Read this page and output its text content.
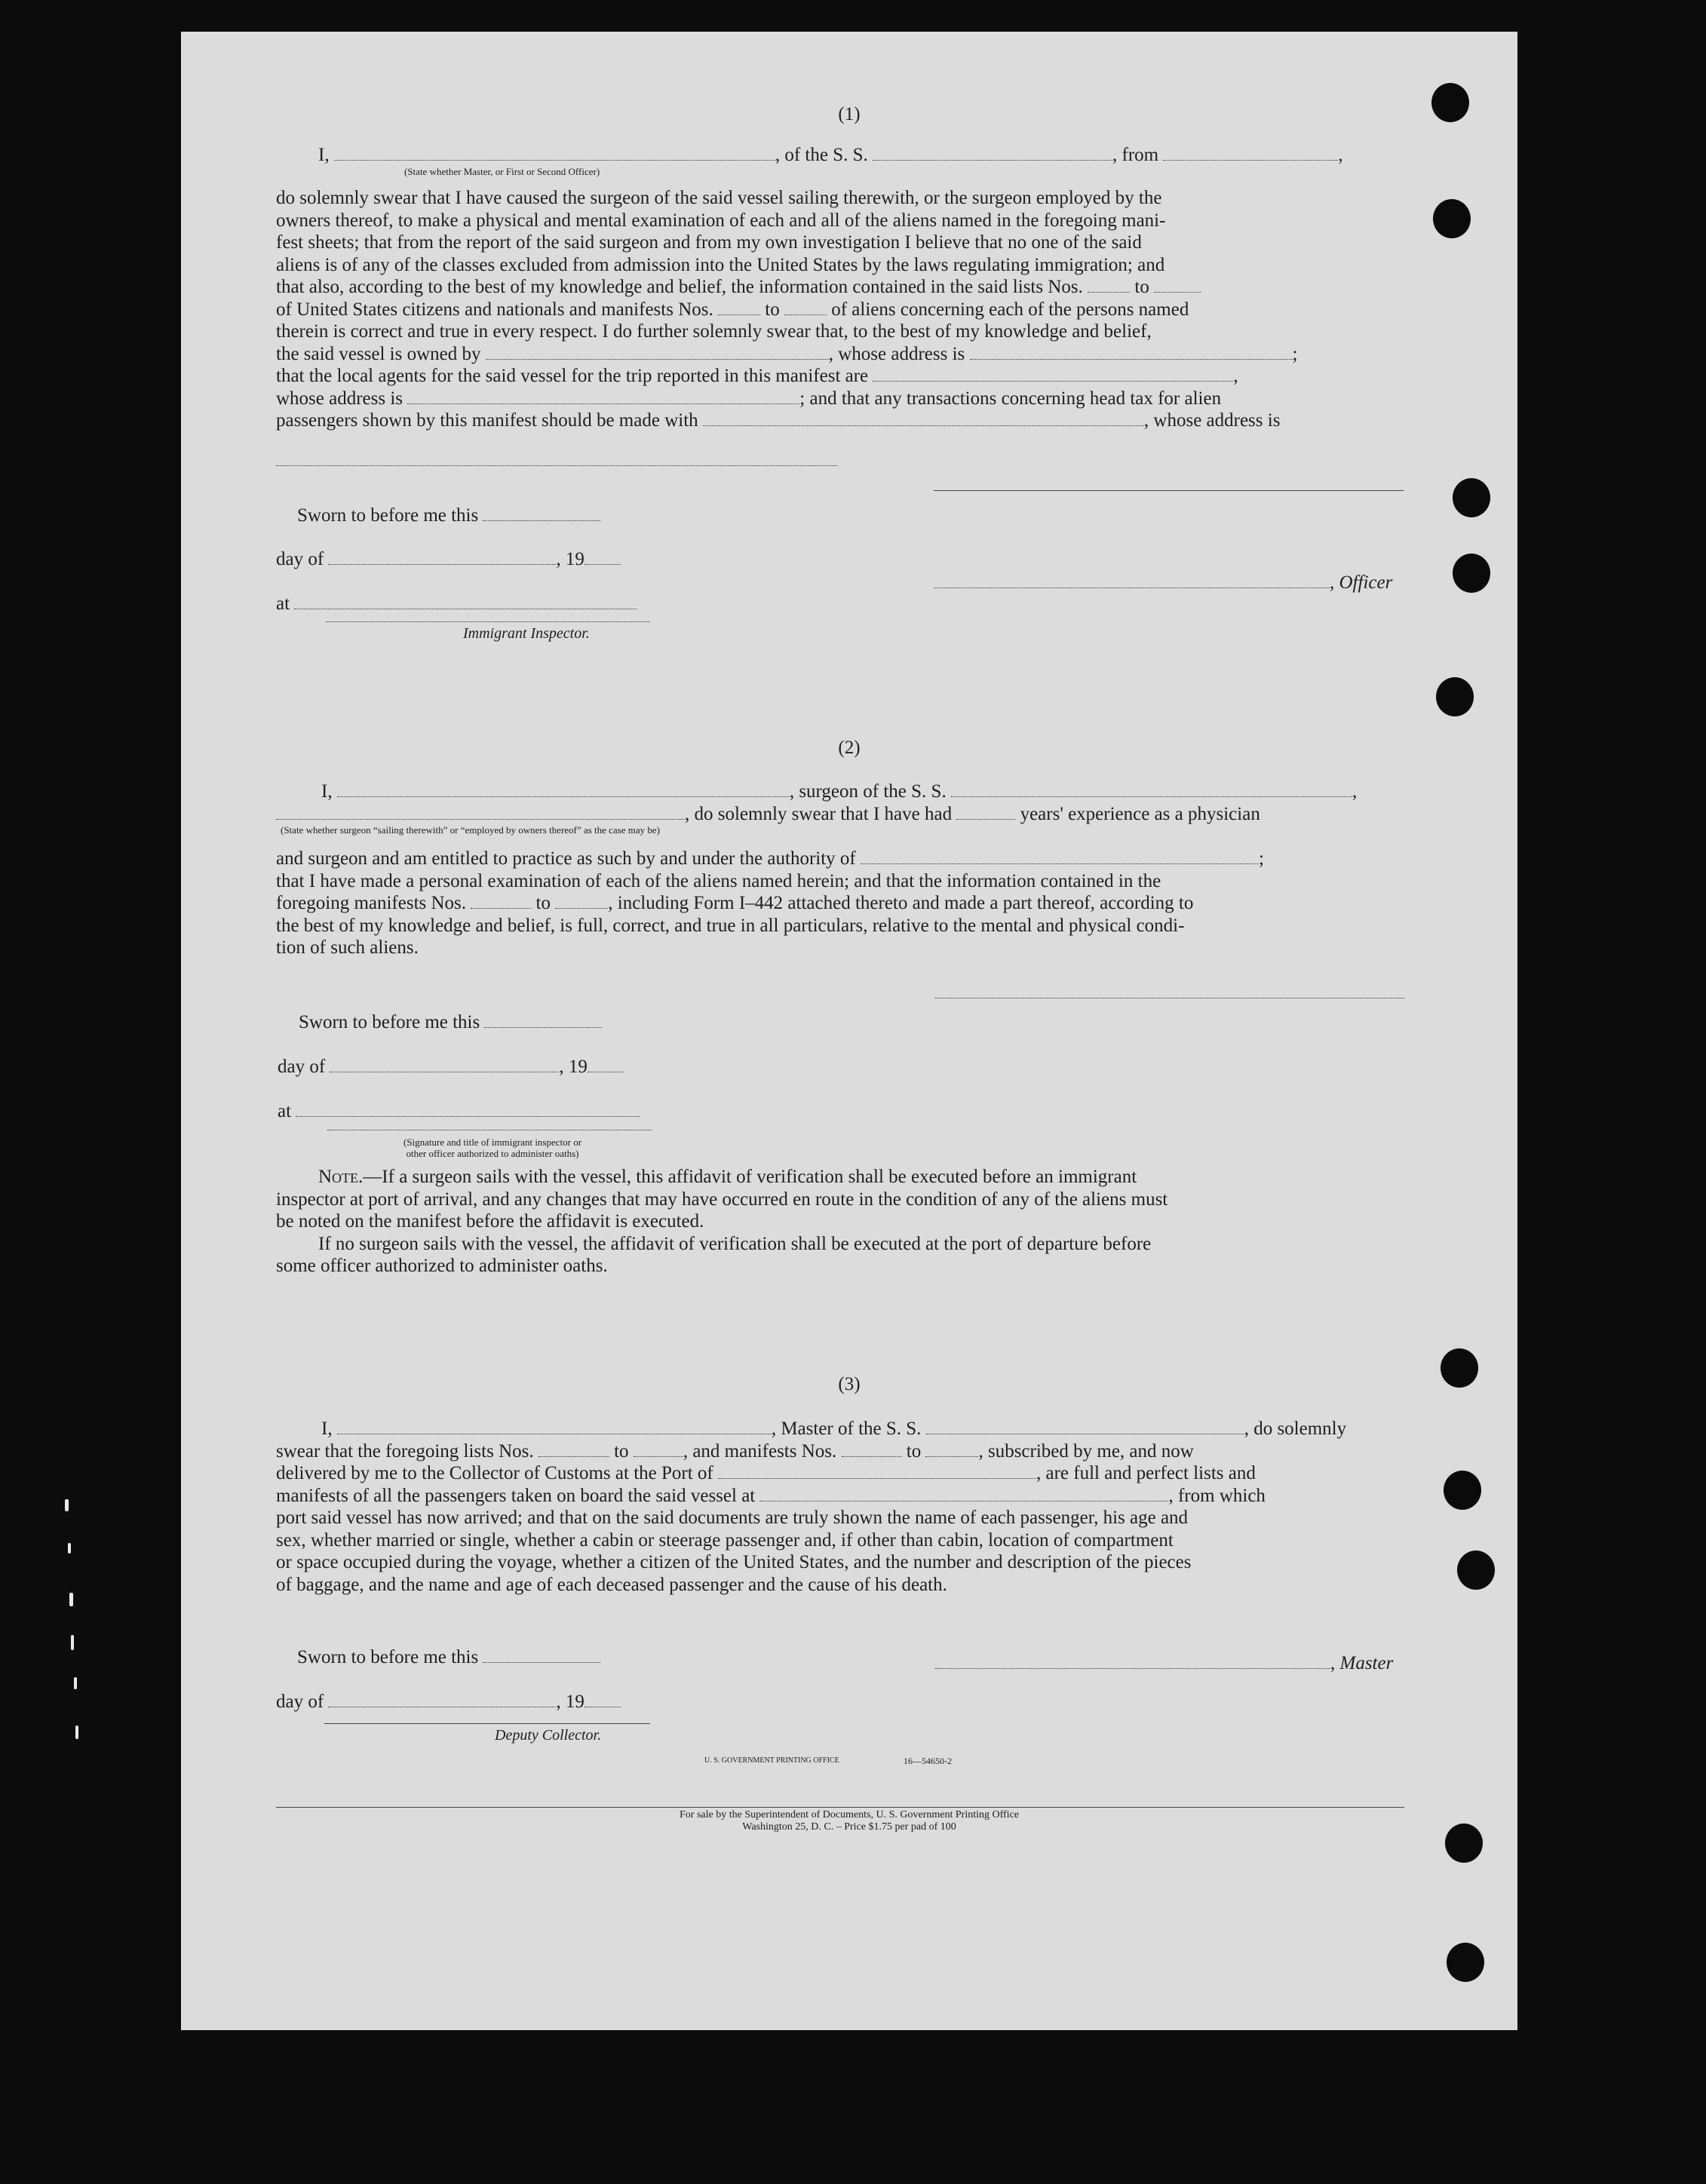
(1)
I,	, of the S. S.	, from	,
(State whether Master, or First or Second Officer)
do solemnly swear that I have caused the surgeon of the said vessel sailing therewith, or the surgeon employed by the
owners thereof, to make a physical and mental examination of each and all of the aliens named in the foregoing mani-
fest sheets; that from the report of the said surgeon and from my own investigation I believe that no one of the said
aliens is of any of the classes excluded from admission into the United States by the laws regulating immigration; and
that also, according to the best of my knowledge and belief, the information contained in the said lists Nos.	to
of United States citizens and nationals and manifests Nos.	to	of aliens concerning each of the persons named
therein is correct and true in every respect. I do further solemnly swear that, to the best of my knowledge and belief,
the said vessel is owned by	, whose address is	;
that the local agents for the said vessel for the trip reported in this manifest are	,
whose address is	; and that any transactions concerning head tax for alien
passengers shown by this manifest should be made with	, whose address is
Sworn to before me this
day of	, 19
, Officer
at
Immigrant Inspector.
(2)
I,	, surgeon of the S. S.	,
, do solemnly swear that I have had	years' experience as a physician
(State whether surgeon “sailing therewith” or “employed by owners thereof” as the case may be)
and surgeon and am entitled to practice as such by and under the authority of	;
that I have made a personal examination of each of the aliens named herein; and that the information contained in the
foregoing manifests Nos.	to	, including Form I–442 attached thereto and made a part thereof, according to
the best of my knowledge and belief, is full, correct, and true in all particulars, relative to the mental and physical condi-
tion of such aliens.
Sworn to before me this
day of	, 19
at
(Signature and title of immigrant inspector or
other officer authorized to administer oaths)
Note.—If a surgeon sails with the vessel, this affidavit of verification shall be executed before an immigrant
inspector at port of arrival, and any changes that may have occurred en route in the condition of any of the aliens must
be noted on the manifest before the affidavit is executed.
If no surgeon sails with the vessel, the affidavit of verification shall be executed at the port of departure before
some officer authorized to administer oaths.
(3)
I,	, Master of the S. S.	, do solemnly
swear that the foregoing lists Nos.	to	, and manifests Nos.	to	, subscribed by me, and now
delivered by me to the Collector of Customs at the Port of	, are full and perfect lists and
manifests of all the passengers taken on board the said vessel at	, from which
port said vessel has now arrived; and that on the said documents are truly shown the name of each passenger, his age and
sex, whether married or single, whether a cabin or steerage passenger and, if other than cabin, location of compartment
or space occupied during the voyage, whether a citizen of the United States, and the number and description of the pieces
of baggage, and the name and age of each deceased passenger and the cause of his death.
Sworn to before me this	, Master
day of	, 19
Deputy Collector.
U. S. GOVERNMENT PRINTING OFFICE	16—54650-2
For sale by the Superintendent of Documents, U. S. Government Printing Office
Washington 25, D. C. – Price $1.75 per pad of 100
